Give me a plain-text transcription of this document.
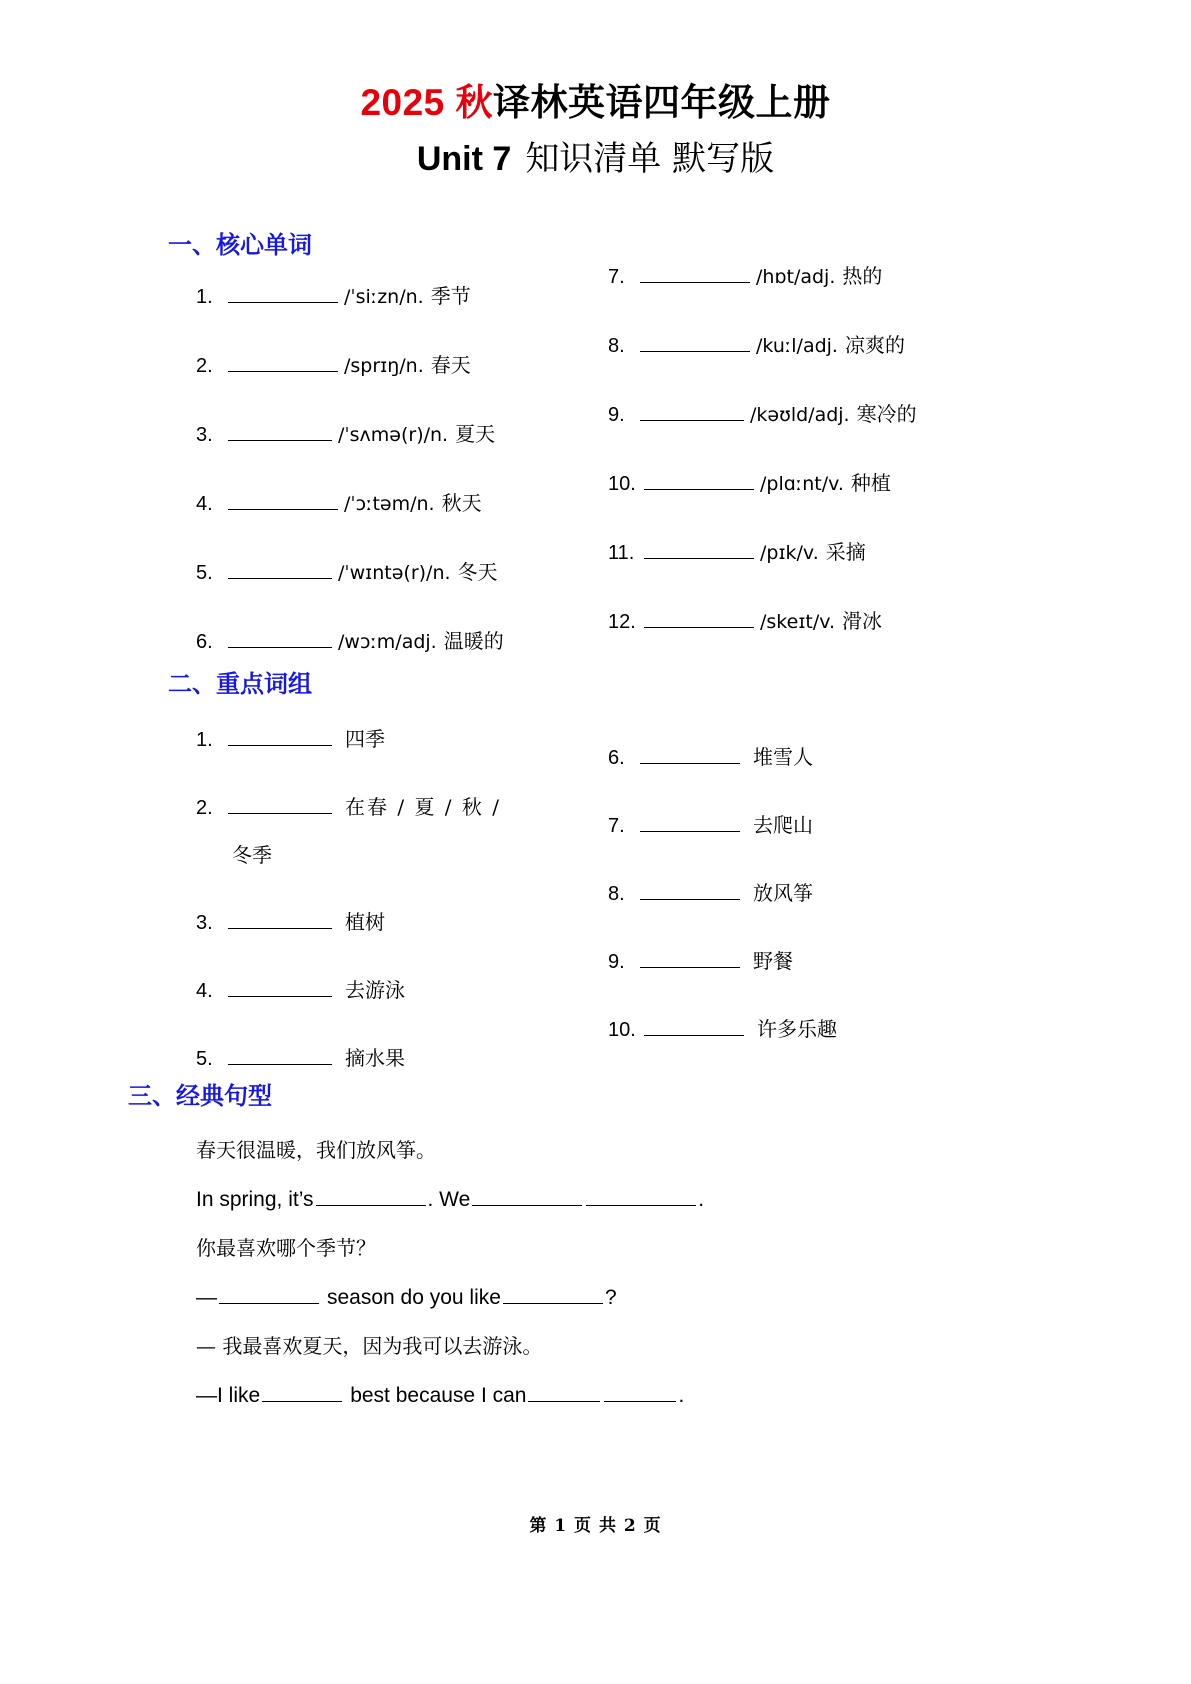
2025 秋译林英语四年级上册
Unit 7 知识清单 默写版
一、核心单词
1.	/ˈsiːzn/n. 季节
2.	/sprɪŋ/n. 春天
3.	/ˈsʌmə(r)/n. 夏天
4.	/ˈɔːtəm/n. 秋天
5.	/ˈwɪntə(r)/n. 冬天
6.	/wɔːm/adj. 温暖的
7.	/hɒt/adj. 热的
8.	/kuːl/adj. 凉爽的
9.	/kəʊld/adj. 寒冷的
10.	/plɑːnt/v. 种植
11.	/pɪk/v. 采摘
12.	/skeɪt/v. 滑冰
二、重点词组
1.	四季
2.	在春 / 夏 / 秋 /
冬季
3.	植树
4.	去游泳
5.	摘水果
6.	堆雪人
7.	去爬山
8.	放风筝
9.	野餐
10.	许多乐趣
三、经典句型
春天很温暖，我们放风筝。
In spring, it’s	. We	.
你最喜欢哪个季节？
—	season do you like	?
— 我最喜欢夏天，因为我可以去游泳。
—I like	best because I can	.
第 1 页 共 2 页
